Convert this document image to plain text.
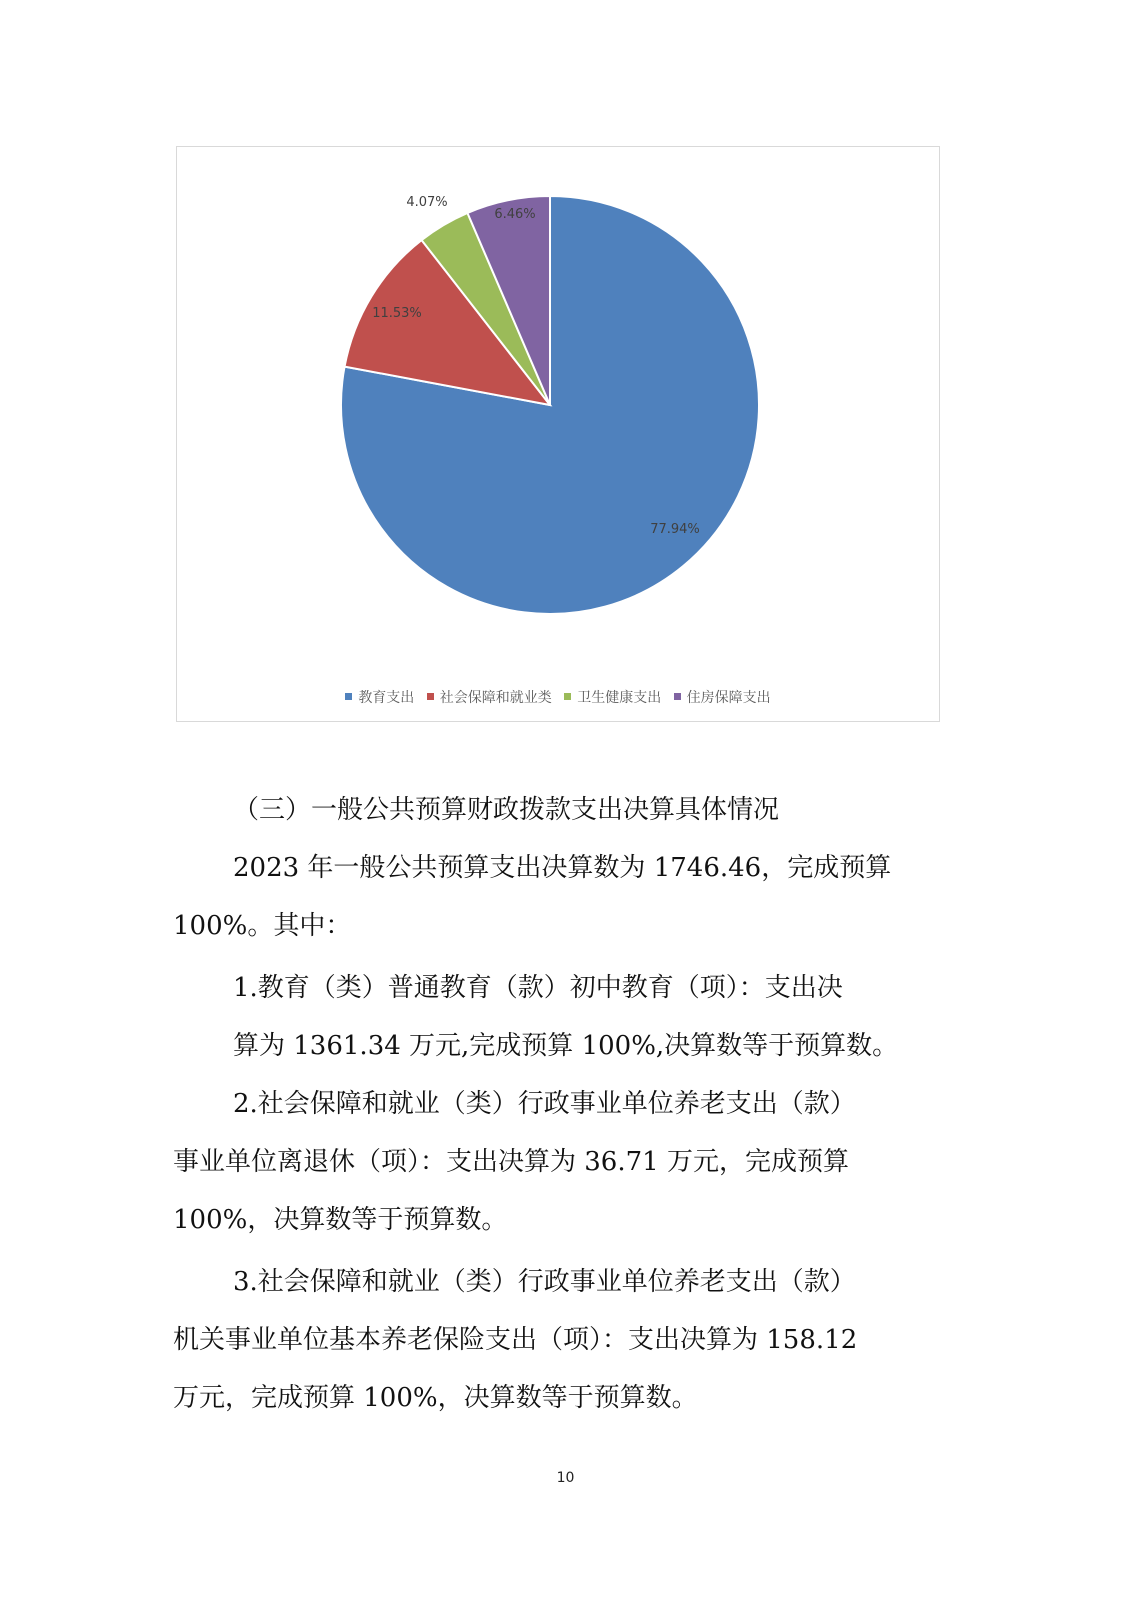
77.94%
11.53%
4.07%
6.46%
教育支出 社会保障和就业类 卫生健康支出 住房保障支出
（三）一般公共预算财政拨款支出决算具体情况
2023 年一般公共预算支出决算数为 1746.46，完成预算
100%。其中：
1.教育（类）普通教育（款）初中教育（项）：支出决
算为 1361.34 万元,完成预算 100%,决算数等于预算数。
2.社会保障和就业（类）行政事业单位养老支出（款）
事业单位离退休（项）：支出决算为 36.71 万元，完成预算
100%，决算数等于预算数。
3.社会保障和就业（类）行政事业单位养老支出（款）
机关事业单位基本养老保险支出（项）：支出决算为 158.12
万元，完成预算 100%，决算数等于预算数。
10
